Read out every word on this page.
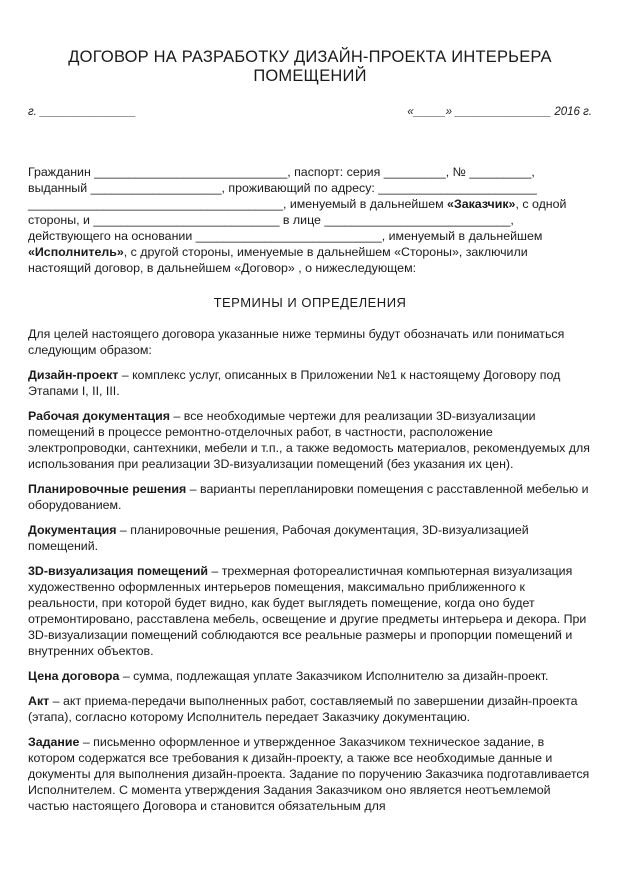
ДОГОВОР НА РАЗРАБОТКУ ДИЗАЙН-ПРОЕКТА ИНТЕРЬЕРА
ПОМЕЩЕНИЙ
г. _______________	«_____» _______________ 2016 г.
Гражданин ____________________________, паспорт: серия _________, № _________,
выданный ___________________, проживающий по адресу: _______________________
_____________________________________, именуемый в дальнейшем «Заказчик», с одной
стороны, и ___________________________ в лице ___________________________,
действующего на основании ___________________________, именуемый в дальнейшем
«Исполнитель», с другой стороны, именуемые в дальнейшем «Стороны», заключили
настоящий договор, в дальнейшем «Договор» , о нижеследующем:
ТЕРМИНЫ И ОПРЕДЕЛЕНИЯ

Для целей настоящего договора указанные ниже термины будут обозначать или пониматься следующим образом:

Дизайн-проект – комплекс услуг, описанных в Приложении №1 к настоящему Договору под Этапами I, II, III.

Рабочая документация – все необходимые чертежи для реализации 3D-визуализации помещений в процессе ремонтно-отделочных работ, в частности, расположение электропроводки, сантехники, мебели и т.п., а также ведомость материалов, рекомендуемых для использования при реализации 3D-визуализации помещений (без указания их цен).

Планировочные решения – варианты перепланировки помещения с расставленной мебелью и оборудованием.

Документация – планировочные решения, Рабочая документация, 3D-визуализацией помещений.

3D-визуализация помещений – трехмерная фотореалистичная компьютерная визуализация художественно оформленных интерьеров помещения, максимально приближенного к реальности, при которой будет видно, как будет выглядеть помещение, когда оно будет отремонтировано, расставлена мебель, освещение и другие предметы интерьера и декора. При 3D-визуализации помещений соблюдаются все реальные размеры и пропорции помещений и внутренних объектов.

Цена договора – сумма, подлежащая уплате Заказчиком Исполнителю за дизайн-проект.

Акт – акт приема-передачи выполненных работ, составляемый по завершении дизайн-проекта (этапа), согласно которому Исполнитель передает Заказчику документацию.

Задание – письменно оформленное и утвержденное Заказчиком техническое задание, в котором содержатся все требования к дизайн-проекту, а также все необходимые данные и документы для выполнения дизайн-проекта. Задание по поручению Заказчика подготавливается Исполнителем. С момента утверждения Задания Заказчиком оно является неотъемлемой частью настоящего Договора и становится обязательным для
